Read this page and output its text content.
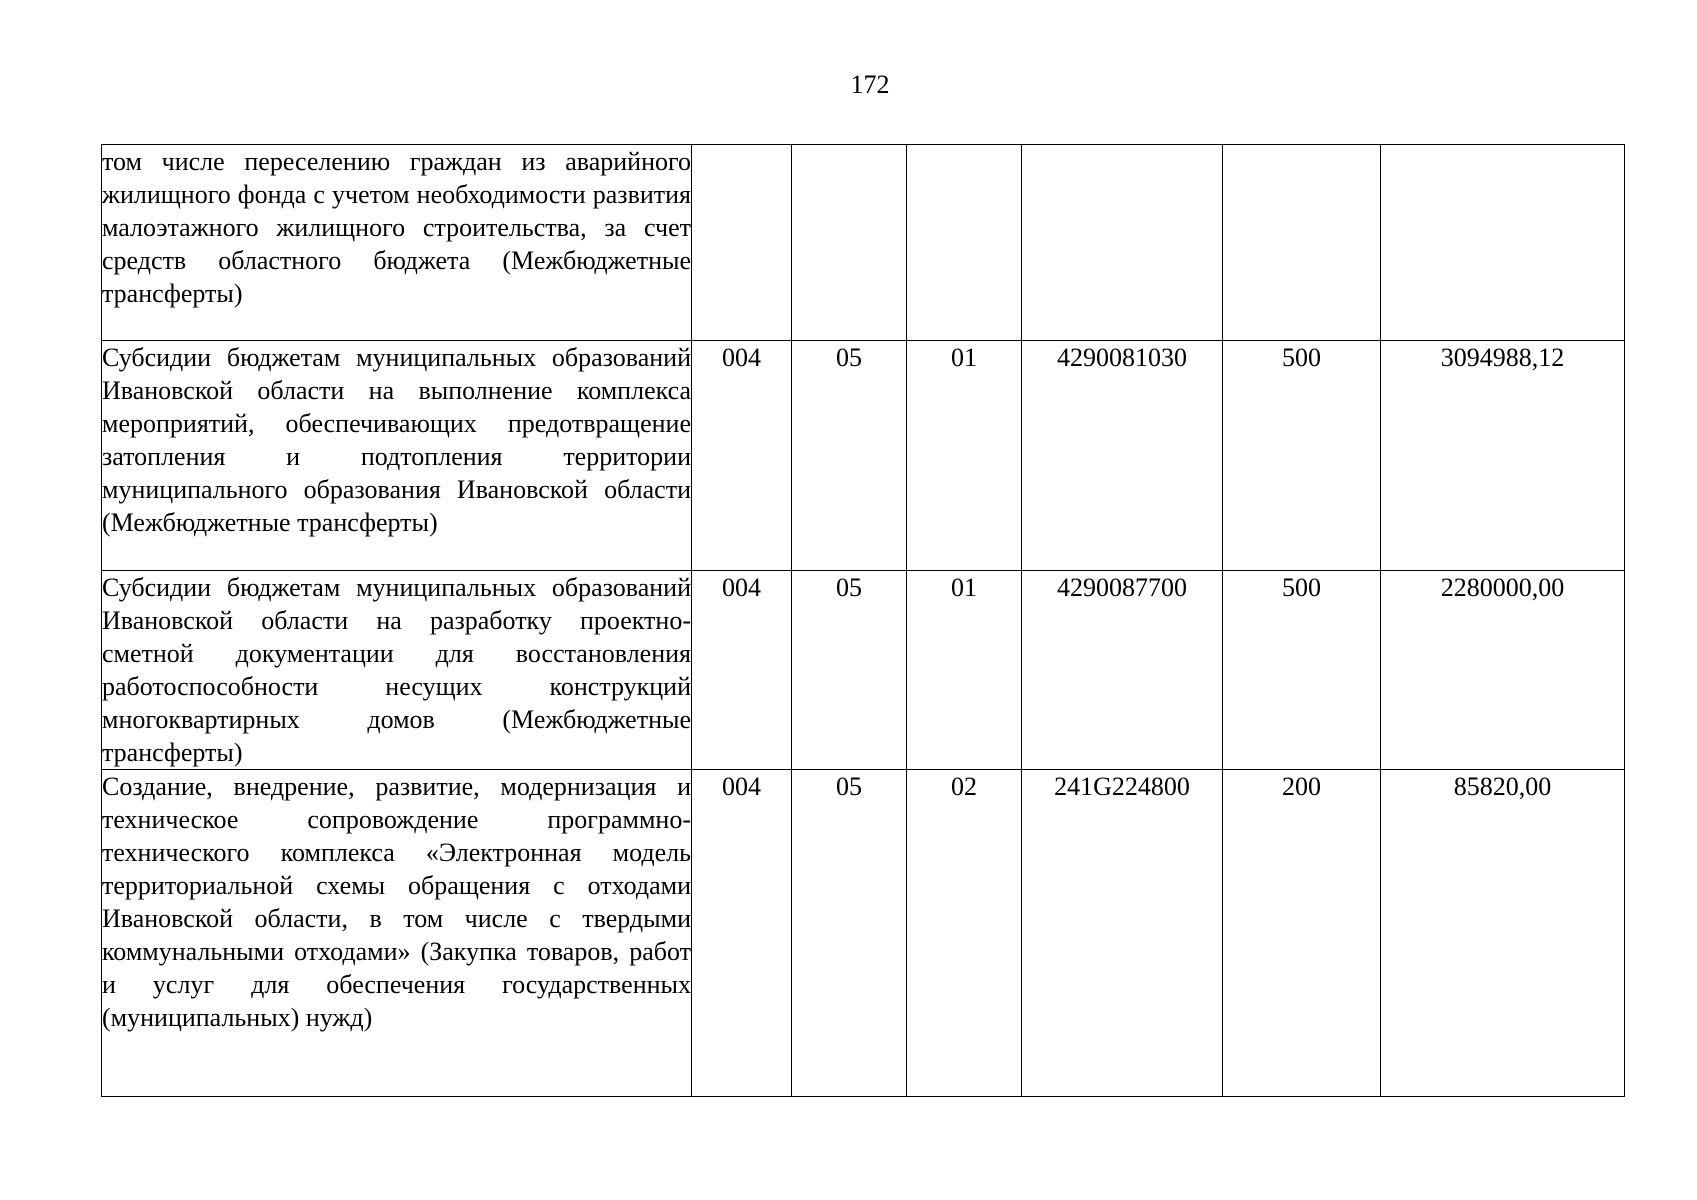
172
том числе переселению граждан из аварийного жилищного фонда с учетом необходимости развития малоэтажного жилищного строительства, за счет средств областного бюджета (Межбюджетные трансферты)						
Субсидии бюджетам муниципальных образований Ивановской области на выполнение комплекса мероприятий, обеспечивающих предотвращение затопления и подтопления территории муниципального образования Ивановской области (Межбюджетные трансферты)	004	05	01	4290081030	500	3094988,12
Субсидии бюджетам муниципальных образований Ивановской области на разработку проектно-сметной документации для восстановления работоспособности несущих конструкций многоквартирных домов (Межбюджетные трансферты)	004	05	01	4290087700	500	2280000,00
Создание, внедрение, развитие, модернизация и техническое сопровождение программно-технического комплекса «Электронная модель территориальной схемы обращения с отходами Ивановской области, в том числе с твердыми коммунальными отходами» (Закупка товаров, работ и услуг для обеспечения государственных (муниципальных) нужд)	004	05	02	241G224800	200	85820,00
